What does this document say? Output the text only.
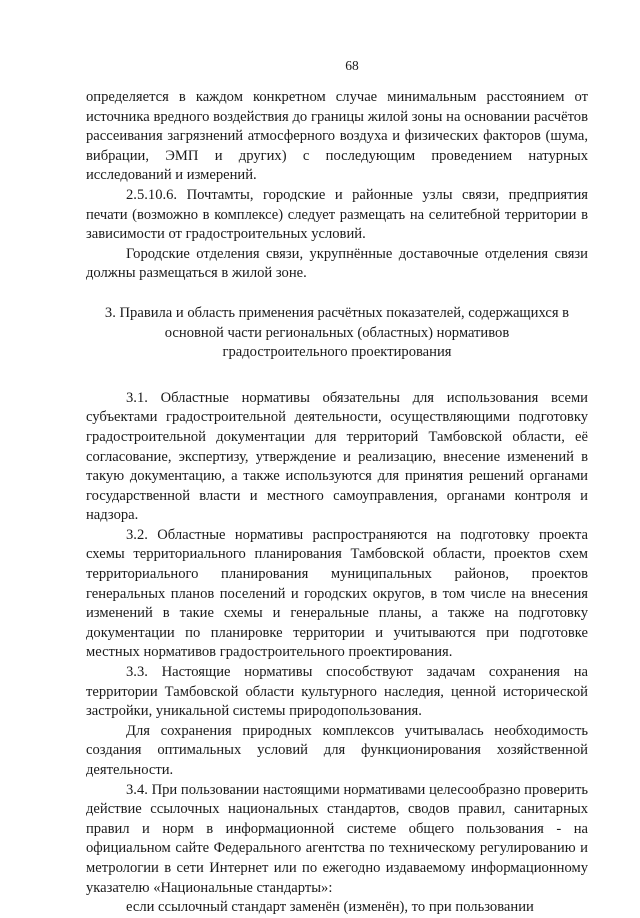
68

определяется в каждом конкретном случае минимальным расстоянием от источника вредного воздействия до границы жилой зоны на основании расчётов рассеивания загрязнений атмосферного воздуха и физических факторов (шума, вибрации, ЭМП и других) с последующим проведением натурных исследований и измерений.

2.5.10.6. Почтамты, городские и районные узлы связи, предприятия печати (возможно в комплексе) следует размещать на селитебной территории в зависимости от градостроительных условий.

Городские отделения связи, укрупнённые доставочные отделения связи должны размещаться в жилой зоне.

3. Правила и область применения расчётных показателей, содержащихся в
основной части региональных (областных) нормативов
градостроительного проектирования

3.1. Областные нормативы обязательны для использования всеми субъектами градостроительной деятельности, осуществляющими подготовку градостроительной документации для территорий Тамбовской области, её согласование, экспертизу, утверждение и реализацию, внесение изменений в такую документацию, а также используются для принятия решений органами государственной власти и местного самоуправления, органами контроля и надзора.

3.2. Областные нормативы распространяются на подготовку проекта схемы территориального планирования Тамбовской области, проектов схем территориального планирования муниципальных районов, проектов генеральных планов поселений и городских округов, в том числе на внесения изменений в такие схемы и генеральные планы, а также на подготовку документации по планировке территории и учитываются при подготовке местных нормативов градостроительного проектирования.

3.3. Настоящие нормативы способствуют задачам сохранения на территории Тамбовской области культурного наследия, ценной исторической застройки, уникальной системы природопользования.

Для сохранения природных комплексов учитывалась необходимость создания оптимальных условий для функционирования хозяйственной деятельности.

3.4. При пользовании настоящими нормативами целесообразно проверить действие ссылочных национальных стандартов, сводов правил, санитарных правил и норм в информационной системе общего пользования - на официальном сайте Федерального агентства по техническому регулированию и метрологии в сети Интернет или по ежегодно издаваемому информационному указателю «Национальные стандарты»:

если ссылочный стандарт заменён (изменён), то при пользовании
